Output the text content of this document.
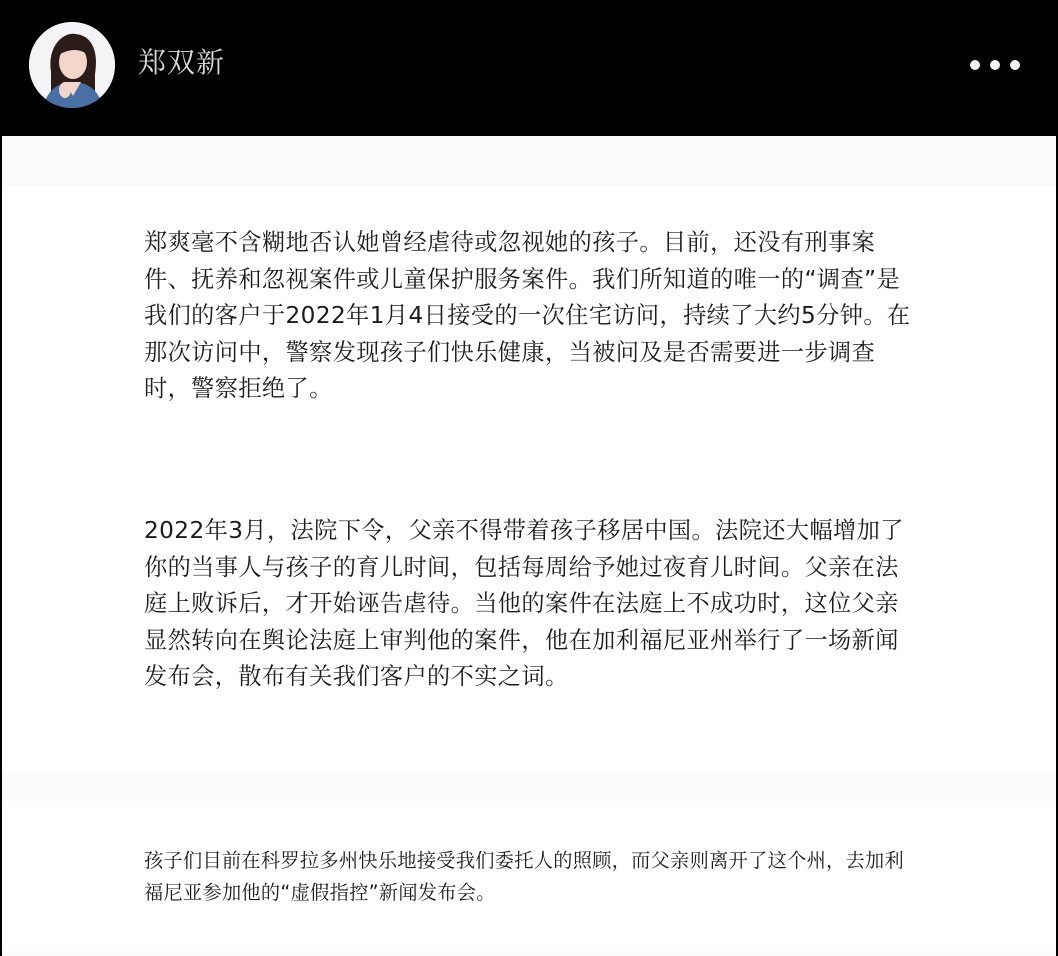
郑双新
郑爽毫不含糊地否认她曾经虐待或忽视她的孩子。目前，还没有刑事案件、抚养和忽视案件或儿童保护服务案件。我们所知道的唯一的“调查”是我们的客户于2022年1月4日接受的一次住宅访问，持续了大约5分钟。在那次访问中，警察发现孩子们快乐健康，当被问及是否需要进一步调查时，警察拒绝了。
2022年3月，法院下令，父亲不得带着孩子移居中国。法院还大幅增加了你的当事人与孩子的育儿时间，包括每周给予她过夜育儿时间。父亲在法庭上败诉后，才开始诬告虐待。当他的案件在法庭上不成功时，这位父亲显然转向在舆论法庭上审判他的案件，他在加利福尼亚州举行了一场新闻发布会，散布有关我们客户的不实之词。
孩子们目前在科罗拉多州快乐地接受我们委托人的照顾，而父亲则离开了这个州，去加利福尼亚参加他的“虚假指控”新闻发布会。
